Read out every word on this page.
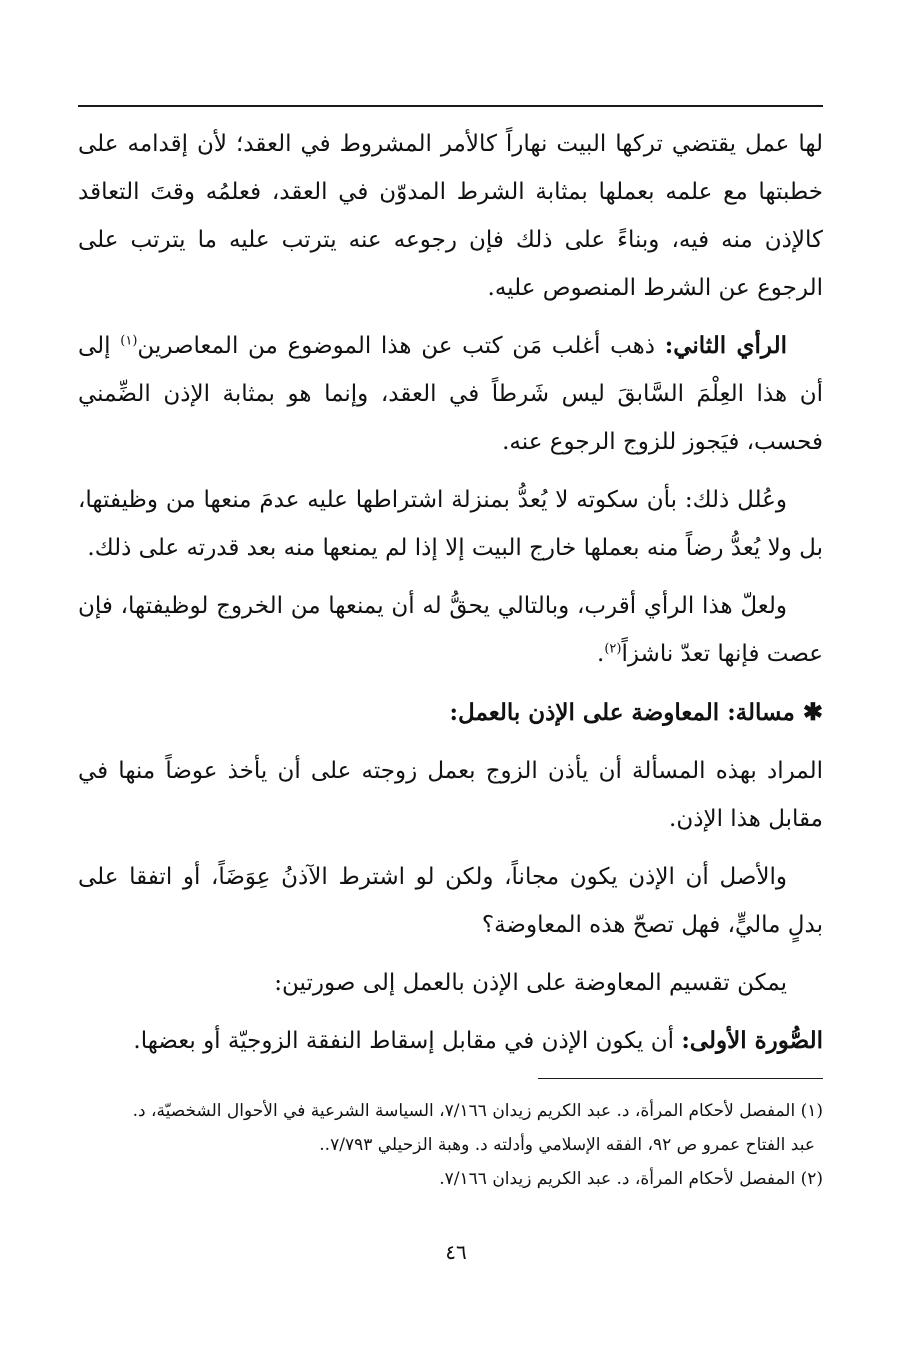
لها عمل يقتضي تركها البيت نهاراً كالأمر المشروط في العقد؛ لأن إقدامه على خطبتها مع علمه بعملها بمثابة الشرط المدوّن في العقد، فعلمُه وقتَ التعاقد كالإذن منه فيه، وبناءً على ذلك فإن رجوعه عنه يترتب عليه ما يترتب على الرجوع عن الشرط المنصوص عليه.

الرأي الثاني: ذهب أغلب مَن كتب عن هذا الموضوع من المعاصرين$^{(١)}$ إلى أن هذا العِلْمَ السَّابقَ ليس شَرطاً في العقد، وإنما هو بمثابة الإذن الضِّمني فحسب، فيَجوز للزوج الرجوع عنه.

وعُلل ذلك: بأن سكوته لا يُعدُّ بمنزلة اشتراطها عليه عدمَ منعها من وظيفتها، بل ولا يُعدُّ رضاً منه بعملها خارج البيت إلا إذا لم يمنعها منه بعد قدرته على ذلك.

ولعلّ هذا الرأي أقرب، وبالتالي يحقُّ له أن يمنعها من الخروج لوظيفتها، فإن عصت فإنها تعدّ ناشزاً$^{(٢)}$.

✱ مسالة: المعاوضة على الإذن بالعمل:

المراد بهذه المسألة أن يأذن الزوج بعمل زوجته على أن يأخذ عوضاً منها في مقابل هذا الإذن.

والأصل أن الإذن يكون مجاناً، ولكن لو اشترط الآذنُ عِوَضَاً، أو اتفقا على بدلٍ ماليٍّ، فهل تصحّ هذه المعاوضة؟

يمكن تقسيم المعاوضة على الإذن بالعمل إلى صورتين:

الصُّورة الأولى: أن يكون الإذن في مقابل إسقاط النفقة الزوجيّة أو بعضها.

(١) المفصل لأحكام المرأة، د. عبد الكريم زيدان ٧/١٦٦، السياسة الشرعية في الأحوال الشخصيّة، د.

عبد الفتاح عمرو ص ٩٢، الفقه الإسلامي وأدلته د. وهبة الزحيلي ٧/٧٩٣..

(٢) المفصل لأحكام المرأة، د. عبد الكريم زيدان ٧/١٦٦.

٤٦
